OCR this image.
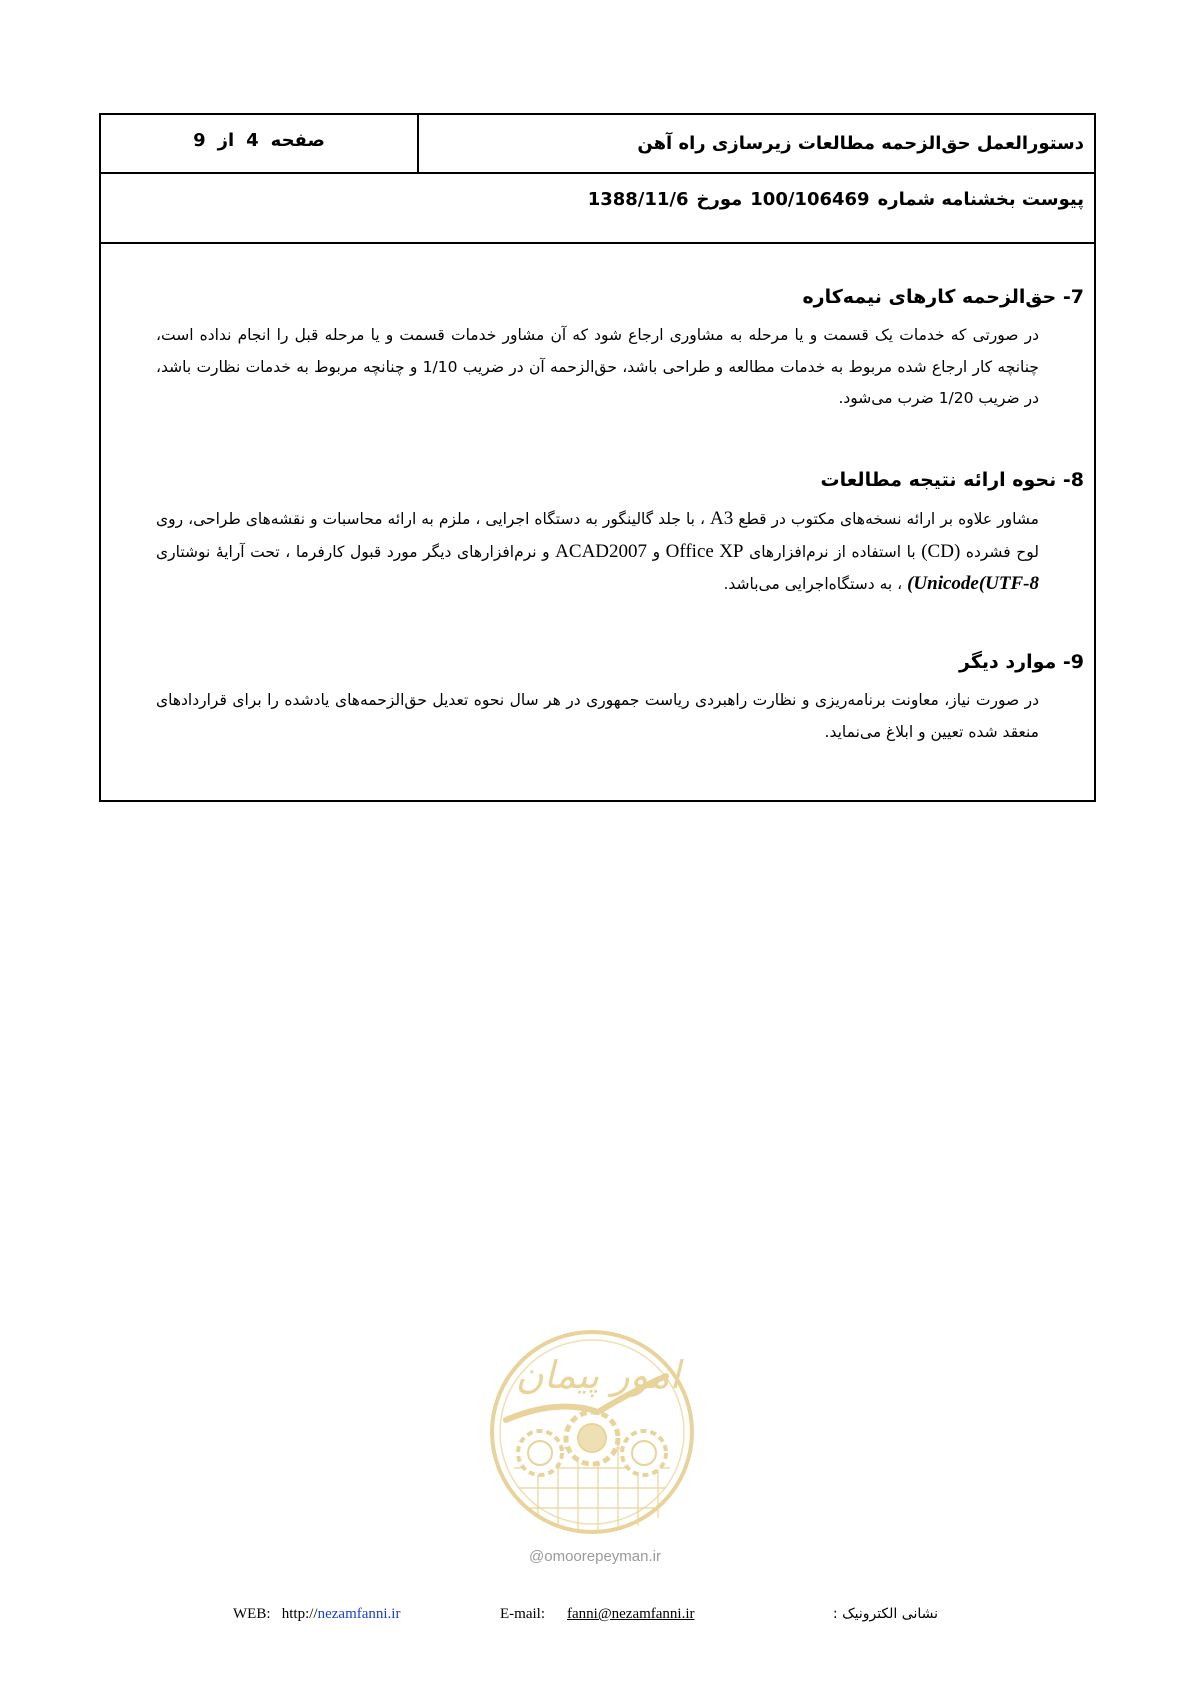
دستورالعمل حق‌الزحمه مطالعات زیرسازی راه آهن
صفحه4از9
پیوست بخشنامه شماره100/106469مورخ1388/11/6
7- حق‌الزحمه کارهای نیمه‌کاره

در صورتی که خدمات یک قسمت و یا مرحله به مشاوری ارجاع شود که آن مشاور خدمات قسمت و یا مرحله قبل را انجام نداده است، چنانچه کار ارجاع شده مربوط به خدمات مطالعه و طراحی باشد، حق‌الزحمه آن در ضریب 1/10 و چنانچه مربوط به خدمات نظارت باشد، در ضریب 1/20 ضرب می‌شود.

8- نحوه ارائه نتیجه مطالعات

مشاور علاوه بر ارائه نسخه‌های مکتوب در قطع A3 ، با جلد گالینگور به دستگاه اجرایی ، ملزم به ارائه محاسبات و نقشه‌های طراحی، روی لوح فشرده (CD) با استفاده از نرم‌افزارهای Office XP و ACAD2007 و نرم‌افزارهای دیگر مورد قبول کارفرما ، تحت آرایهٔ نوشتاری (Unicode(UTF-8 ، به دستگاه‌اجرایی می‌باشد.

9- موارد دیگر

در صورت نیاز، معاونت برنامه‌ریزی و نظارت راهبردی ریاست جمهوری در هر سال نحوه تعدیل حق‌الزحمه‌های یادشده را برای قراردادهای منعقد شده تعیین و ابلاغ می‌نماید.

امور پیمان
@omoorepeyman.ir
WEB: http://nezamfanni.ir	E-mail: fanni@nezamfanni.ir	نشانی الکترونیک :
